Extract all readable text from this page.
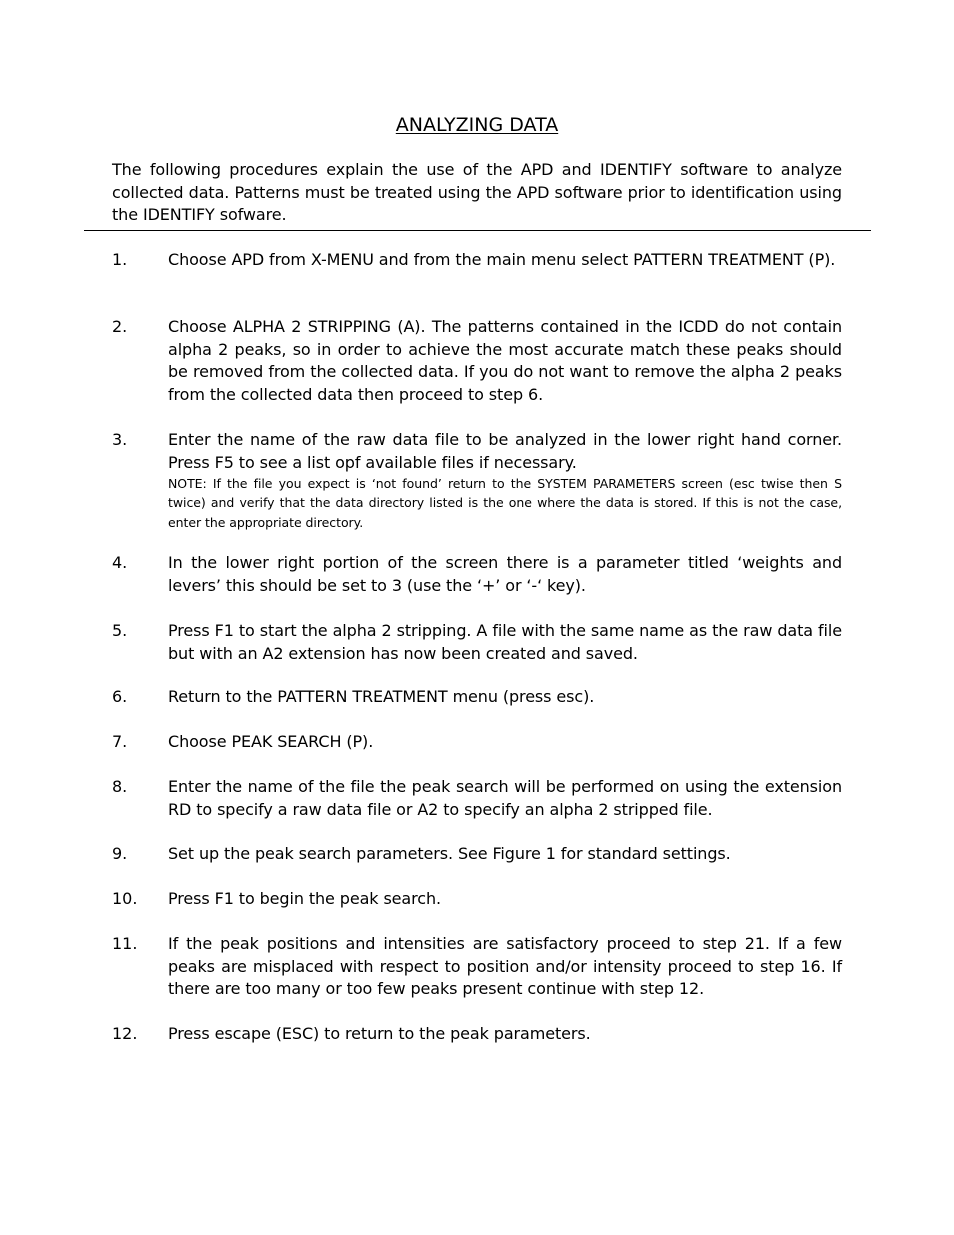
ANALYZING DATA
The following procedures explain the use of the APD and IDENTIFY software to analyze collected data. Patterns must be treated using the APD software prior to identification using the IDENTIFY sofware.
1.	Choose APD from X-MENU and from the main menu select PATTERN TREATMENT (P).
2.	Choose ALPHA 2 STRIPPING (A). The patterns contained in the ICDD do not contain alpha 2 peaks, so in order to achieve the most accurate match these peaks should be removed from the collected data. If you do not want to remove the alpha 2 peaks from the collected data then proceed to step 6.
3.	Enter the name of the raw data file to be analyzed in the lower right hand corner. Press F5 to see a list opf available files if necessary.
NOTE: If the file you expect is ‘not found’ return to the SYSTEM PARAMETERS screen (esc twise then S twice) and verify that the data directory listed is the one where the data is stored. If this is not the case, enter the appropriate directory.
4.	In the lower right portion of the screen there is a parameter titled ‘weights and levers’ this should be set to 3 (use the ‘+’ or ‘-‘ key).
5.	Press F1 to start the alpha 2 stripping. A file with the same name as the raw data file but with an A2 extension has now been created and saved.
6.	Return to the PATTERN TREATMENT menu (press esc).
7.	Choose PEAK SEARCH (P).
8.	Enter the name of the file the peak search will be performed on using the extension RD to specify a raw data file or A2 to specify an alpha 2 stripped file.
9.	Set up the peak search parameters. See Figure 1 for standard settings.
10. Press F1 to begin the peak search.
11. If the peak positions and intensities are satisfactory proceed to step 21. If a few peaks are misplaced with respect to position and/or intensity proceed to step 16. If there are too many or too few peaks present continue with step 12.
12. Press escape (ESC) to return to the peak parameters.
